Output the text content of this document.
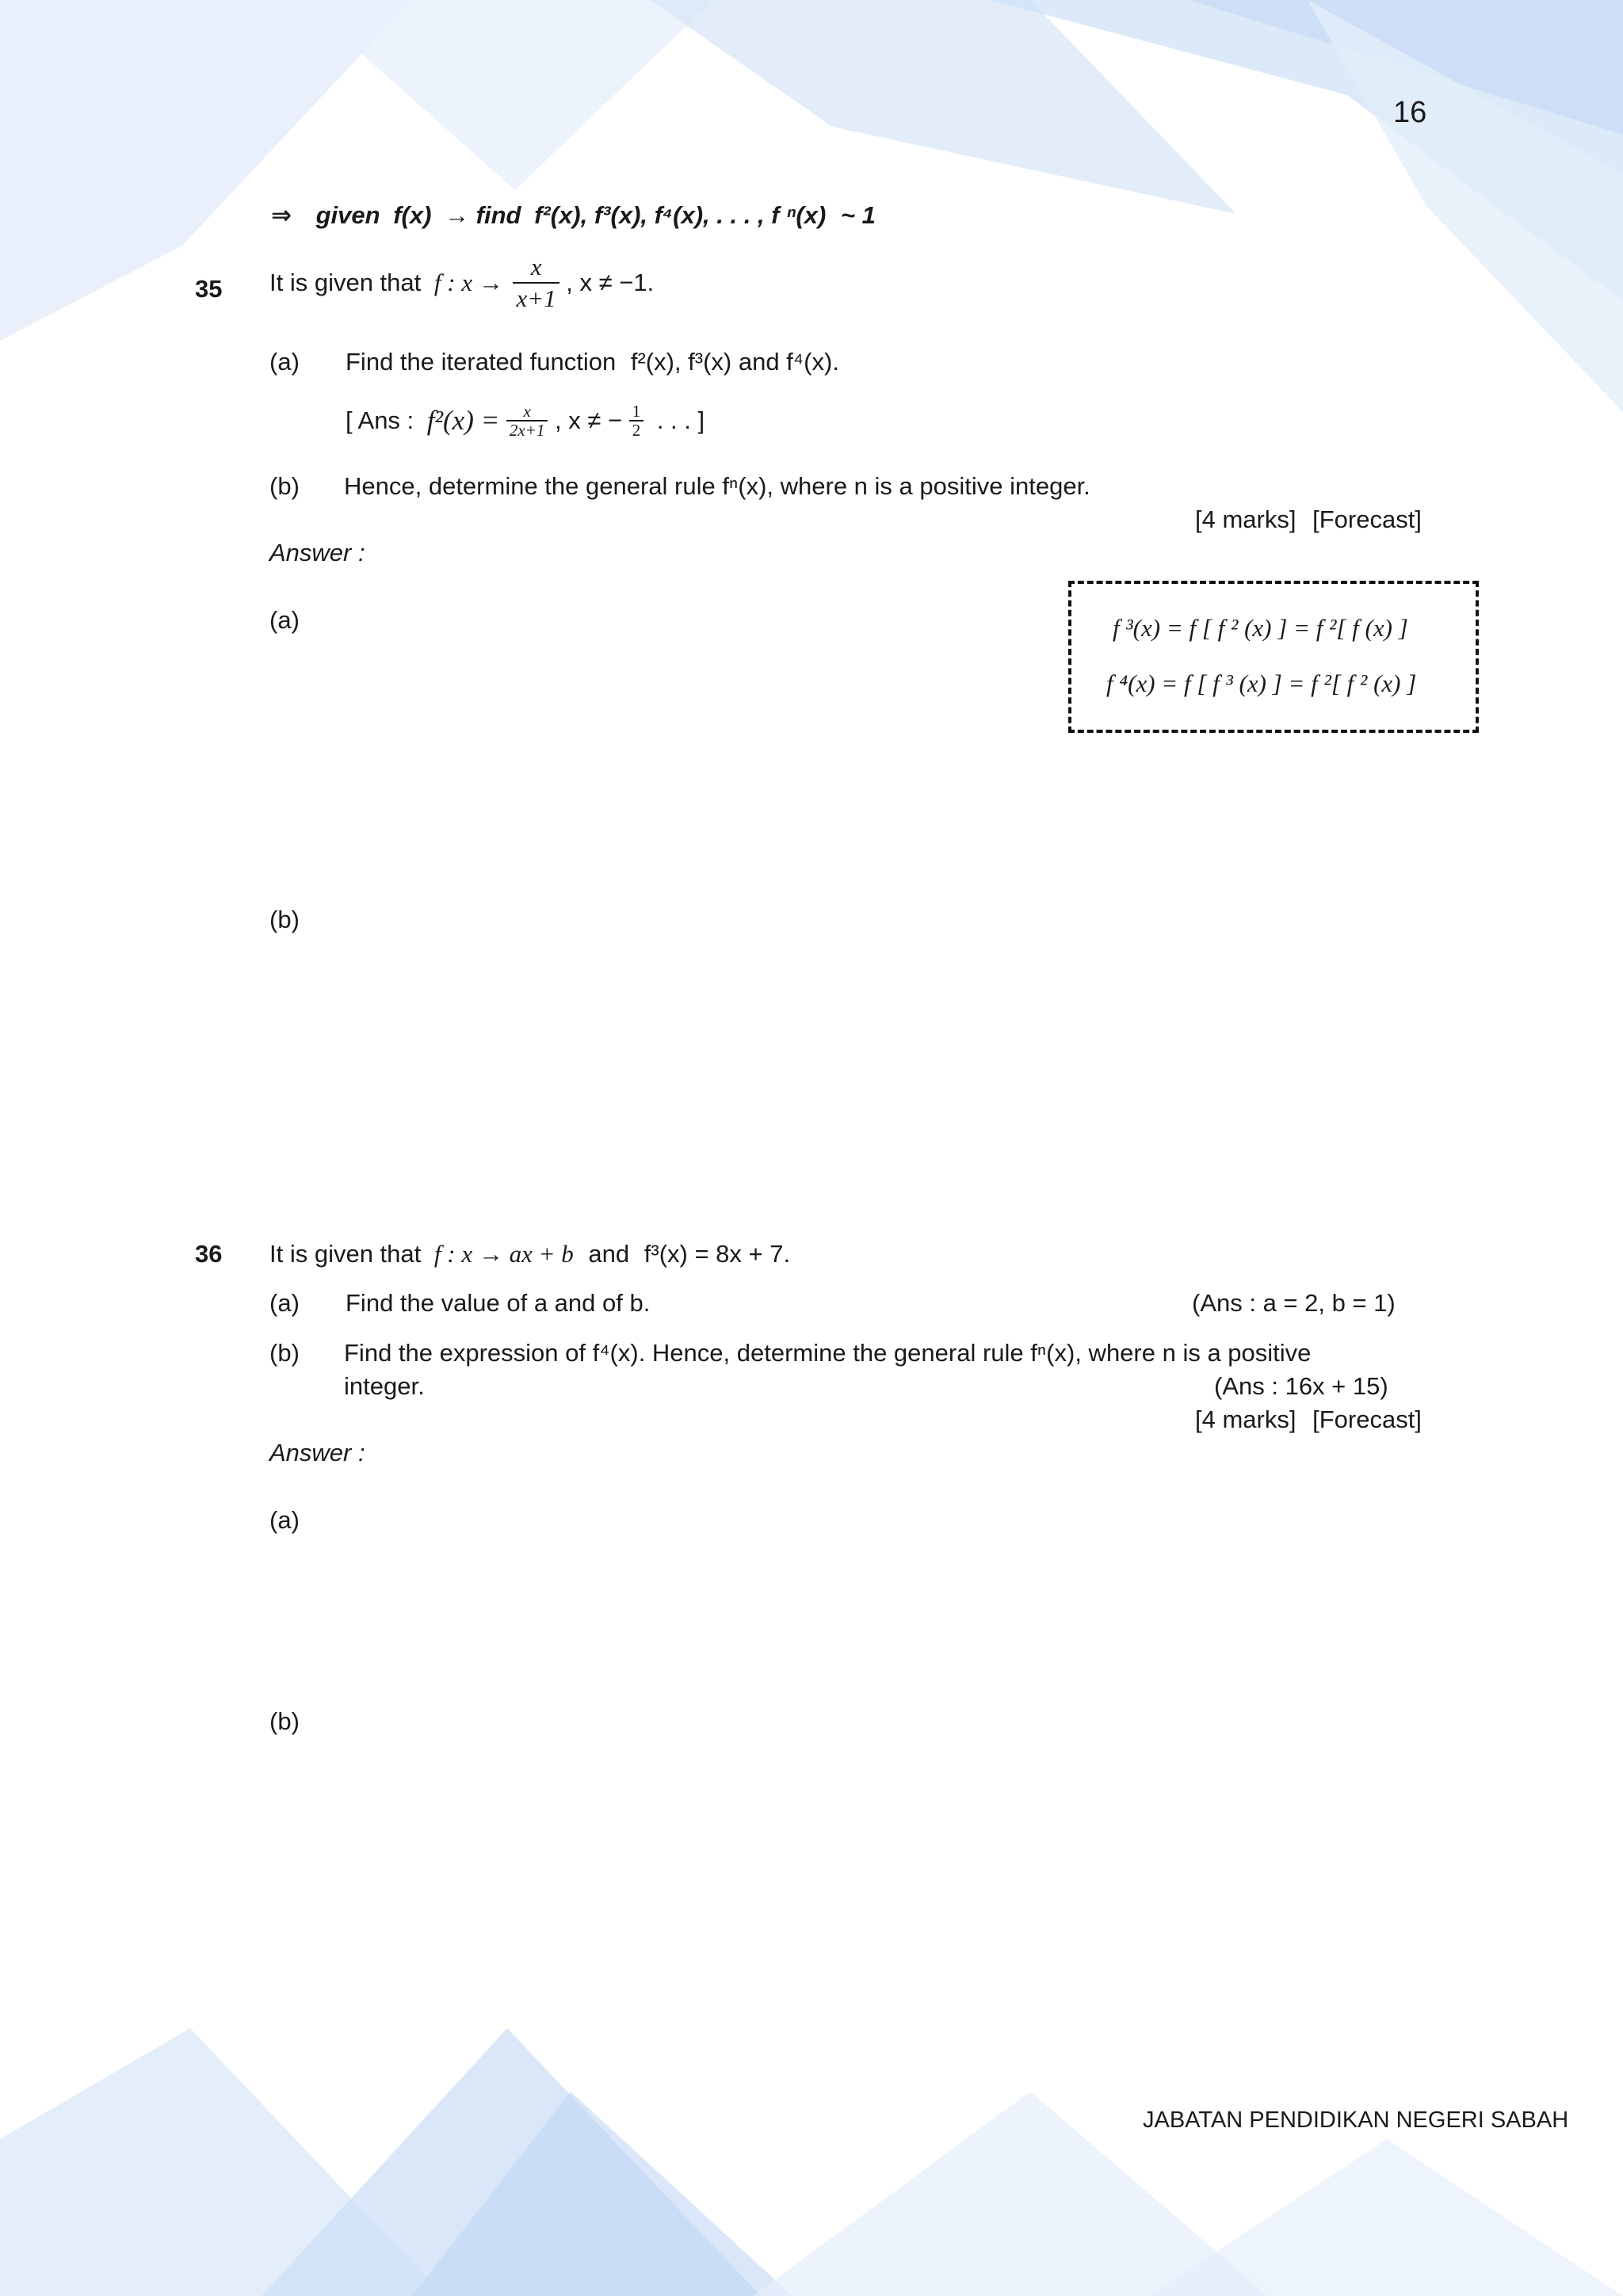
16
⇒ given f(x) → find f²(x), f³(x), f⁴(x), . . . , f ⁿ(x) ~ 1
35 It is given that f : $x \to \frac{x}{x+1}$ , x ≠ −1.
(a) Find the iterated function f²(x), f³(x) and f⁴(x).
[ Ans : $f^2(x) = \frac{x}{2x+1}$ , x ≠ − $\frac{1}{2}$ . . . ]
(b) Hence, determine the general rule fⁿ(x), where n is a positive integer.
[4 marks] [Forecast]
Answer :
(a)	f ³(x) = f [ f ² (x) ] = f ²[ f (x) ]
f ⁴(x) = f [ f ³ (x) ] = f ²[ f ² (x) ]
(b)
36 It is given that f : x → ax + b and f³(x) = 8x + 7.
(a) Find the value of a and of b.	(Ans : a = 2, b = 1)
(b) Find the expression of f⁴(x). Hence, determine the general rule fⁿ(x), where n is a positive
integer.	(Ans : 16x + 15)
[4 marks] [Forecast]
Answer :
(a)
(b)
JABATAN PENDIDIKAN NEGERI SABAH
